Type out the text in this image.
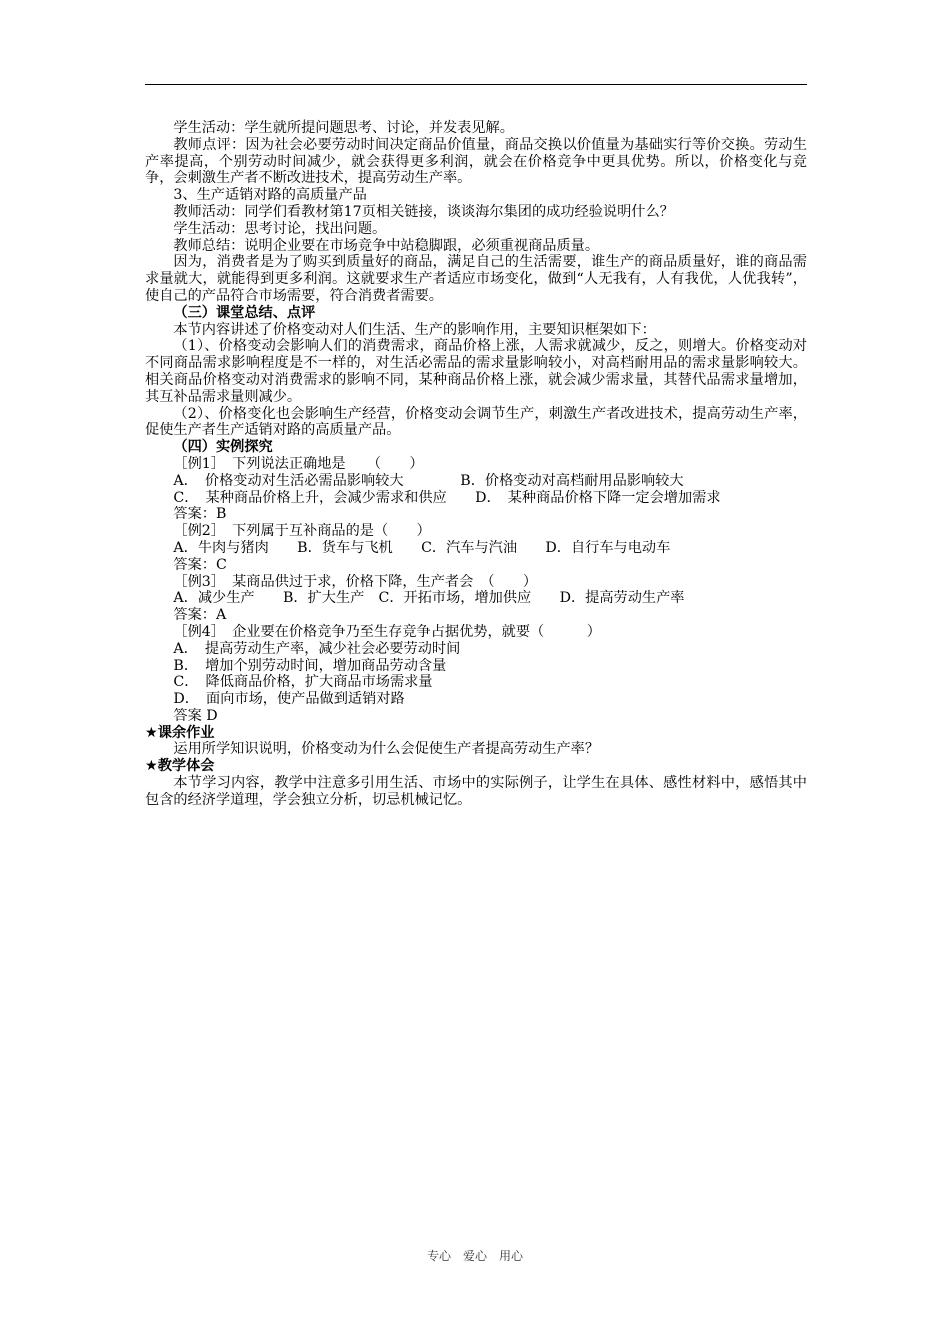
学生活动：学生就所提问题思考、讨论，并发表见解。

教师点评：因为社会必要劳动时间决定商品价值量，商品交换以价值量为基础实行等价交换。劳动生产率提高，个别劳动时间减少，就会获得更多利润，就会在价格竞争中更具优势。所以，价格变化与竞争，会刺激生产者不断改进技术，提高劳动生产率。

3、生产适销对路的高质量产品

教师活动：同学们看教材第17页相关链接，谈谈海尔集团的成功经验说明什么？

学生活动：思考讨论，找出问题。

教师总结：说明企业要在市场竞争中站稳脚跟，必须重视商品质量。

因为，消费者是为了购买到质量好的商品，满足自己的生活需要，谁生产的商品质量好，谁的商品需求量就大，就能得到更多利润。这就要求生产者适应市场变化，做到“人无我有，人有我优，人优我转”，使自己的产品符合市场需要，符合消费者需要。

（三）课堂总结、点评

本节内容讲述了价格变动对人们生活、生产的影响作用，主要知识框架如下：

（1）、价格变动会影响人们的消费需求，商品价格上涨，人需求就减少，反之，则增大。价格变动对不同商品需求影响程度是不一样的，对生活必需品的需求量影响较小，对高档耐用品的需求量影响较大。相关商品价格变动对消费需求的影响不同，某种商品价格上涨，就会减少需求量，其替代品需求量增加，其互补品需求量则减少。

（2）、价格变化也会影响生产经营，价格变动会调节生产，刺激生产者改进技术，提高劳动生产率，促使生产者生产适销对路的高质量产品。

（四）实例探究

［例1］　下列说法正确地是　　（　　）

A．　价格变动对生活必需品影响较大　　　　B．价格变动对高档耐用品影响较大

C．　某种商品价格上升，会减少需求和供应　　D．　某种商品价格下降一定会增加需求

答案：B

［例2］　下列属于互补商品的是（　　）

A．牛肉与猪肉　　B．货车与飞机　　C．汽车与汽油　　D．自行车与电动车

答案：C

［例3］　某商品供过于求，价格下降，生产者会　（　　）

A．减少生产　　B．扩大生产　C．开拓市场，增加供应　　D．提高劳动生产率

答案：A

［例4］　企业要在价格竞争乃至生存竞争占据优势，就要（　　　）

A．　提高劳动生产率，减少社会必要劳动时间

B．　增加个别劳动时间，增加商品劳动含量

C．　降低商品价格，扩大商品市场需求量

D．　面向市场，使产品做到适销对路

答案 D

★课余作业

运用所学知识说明，价格变动为什么会促使生产者提高劳动生产率？

★教学体会

本节学习内容，教学中注意多引用生活、市场中的实际例子，让学生在具体、感性材料中，感悟其中包含的经济学道理，学会独立分析，切忌机械记忆。

专心　爱心　用心
